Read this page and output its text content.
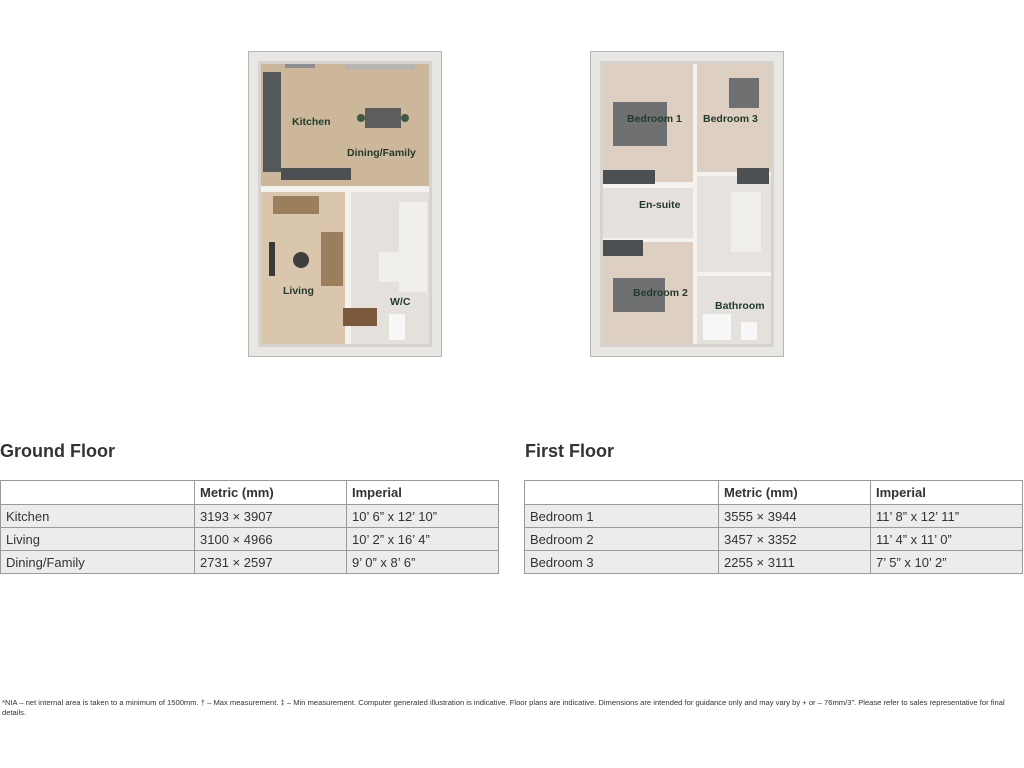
Kitchen
Dining/Family
Living
W/C
Bedroom 1 Bedroom 3
En-suite
Bedroom 2
Bathroom
Ground Floor
	Metric (mm)	Imperial
Kitchen	3193 × 3907	10’ 6” x 12’ 10”
Living	3100 × 4966	10’ 2” x 16’ 4”
Dining/Family	2731 × 2597	9’ 0” x 8’ 6”
First Floor
	Metric (mm)	Imperial
Bedroom 1	3555 × 3944	11’ 8” x 12’ 11”
Bedroom 2	3457 × 3352	11’ 4” x 11’ 0”
Bedroom 3	2255 × 3111	7’ 5” x 10’ 2”
*NIA – net internal area is taken to a minimum of 1500mm. † – Max measurement. ‡ – Min measurement. Computer generated illustration is indicative. Floor plans are indicative. Dimensions are intended for guidance only and may vary by + or – 76mm/3”. Please refer to sales representative for final details.
